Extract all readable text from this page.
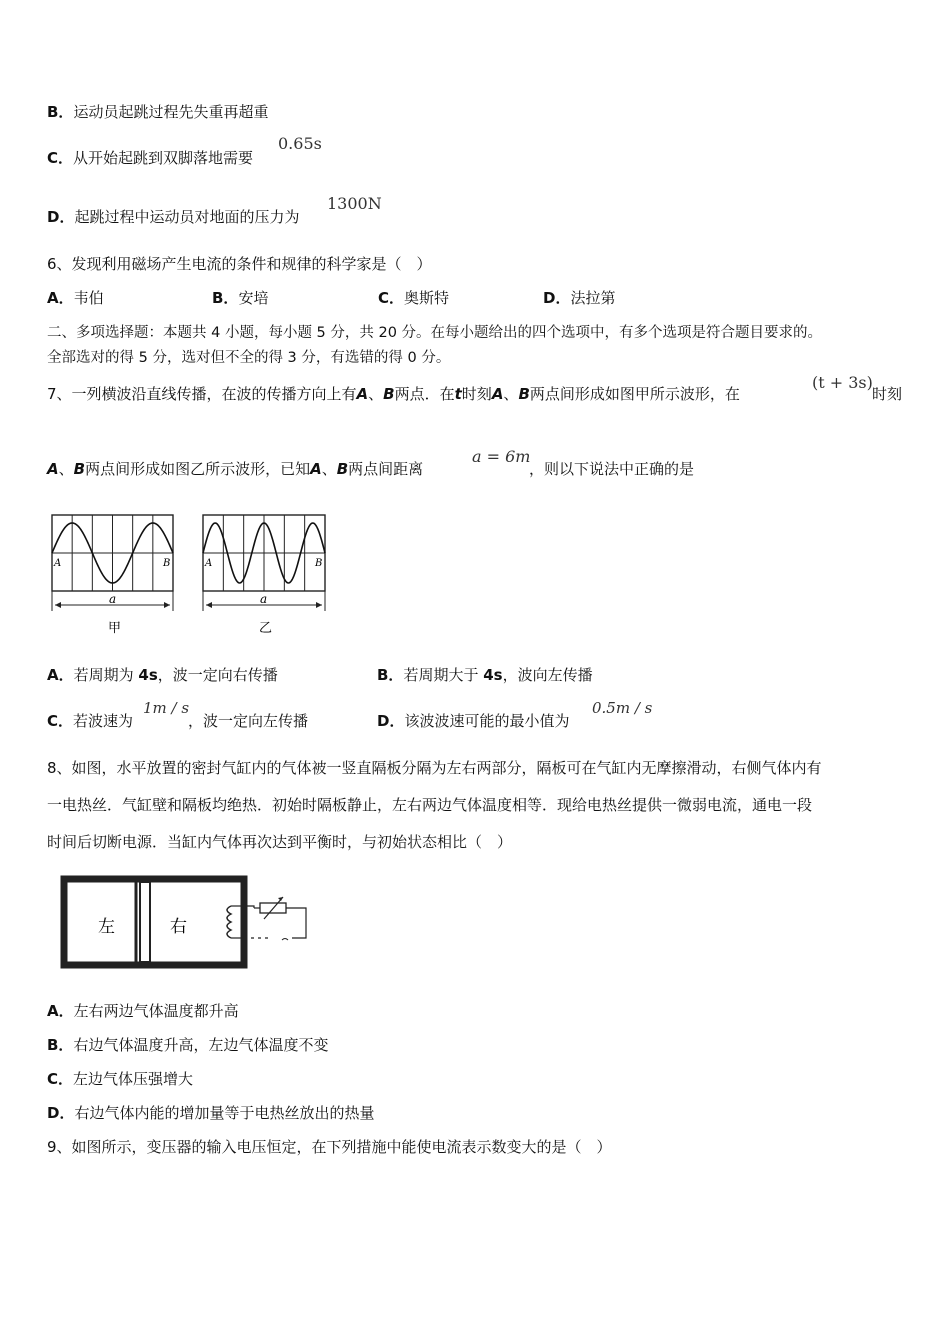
B．运动员起跳过程先失重再超重
C．从开始起跳到双脚落地需要
0.65s
D．起跳过程中运动员对地面的压力为
1300N
6、发现利用磁场产生电流的条件和规律的科学家是（　）
A．韦伯	B．安培	C．奥斯特	D．法拉第
二、多项选择题：本题共 4 小题，每小题 5 分，共 20 分。在每小题给出的四个选项中，有多个选项是符合题目要求的。
全部选对的得 5 分，选对但不全的得 3 分，有选错的得 0 分。
7、一列横波沿直线传播，在波的传播方向上有A、B两点．在t时刻A、B两点间形成如图甲所示波形，在
(t + 3s)
时刻
A、B两点间形成如图乙所示波形，已知A、B两点间距离
a = 6m
，则以下说法中正确的是
A	B
a
甲
A	B
a
乙
A．若周期为 4s，波一定向右传播	B．若周期大于 4s，波向左传播
C．若波速为
1m / s
，波一定向左传播	D．该波波速可能的最小值为
0.5m / s
8、如图，水平放置的密封气缸内的气体被一竖直隔板分隔为左右两部分，隔板可在气缸内无摩擦滑动，右侧气体内有
一电热丝．气缸壁和隔板均绝热．初始时隔板静止，左右两边气体温度相等．现给电热丝提供一微弱电流，通电一段
时间后切断电源．当缸内气体再次达到平衡时，与初始状态相比（　）
左	右
A．左右两边气体温度都升高
B．右边气体温度升高，左边气体温度不变
C．左边气体压强增大
D．右边气体内能的增加量等于电热丝放出的热量
9、如图所示，变压器的输入电压恒定，在下列措施中能使电流表示数变大的是（　）
